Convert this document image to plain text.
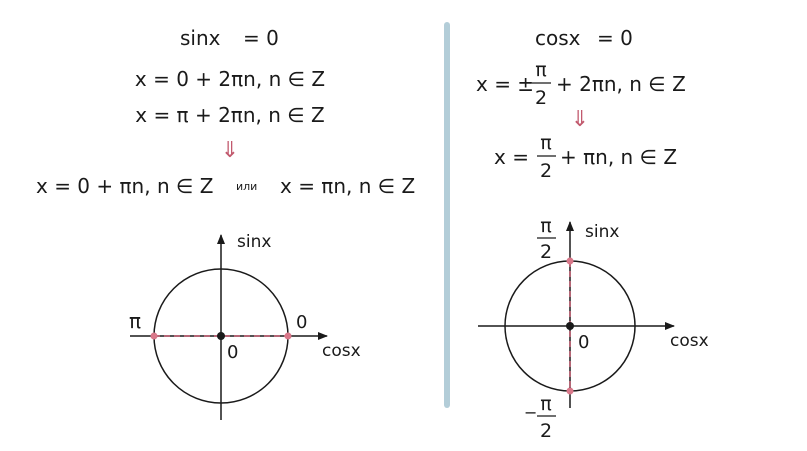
sinx = 0
x = 0 + 2πn, n ∈ Z
x = π + 2πn, n ∈ Z
⇓
x = 0 + πn, n ∈ Z или x = πn, n ∈ Z
sinx
cosx
0
0
π
cosx = 0
x = ±
π
2
+ 2πn, n ∈ Z
⇓
x =
π
2
+ πn, n ∈ Z
sinx
cosx
0
π
2
− π
2
